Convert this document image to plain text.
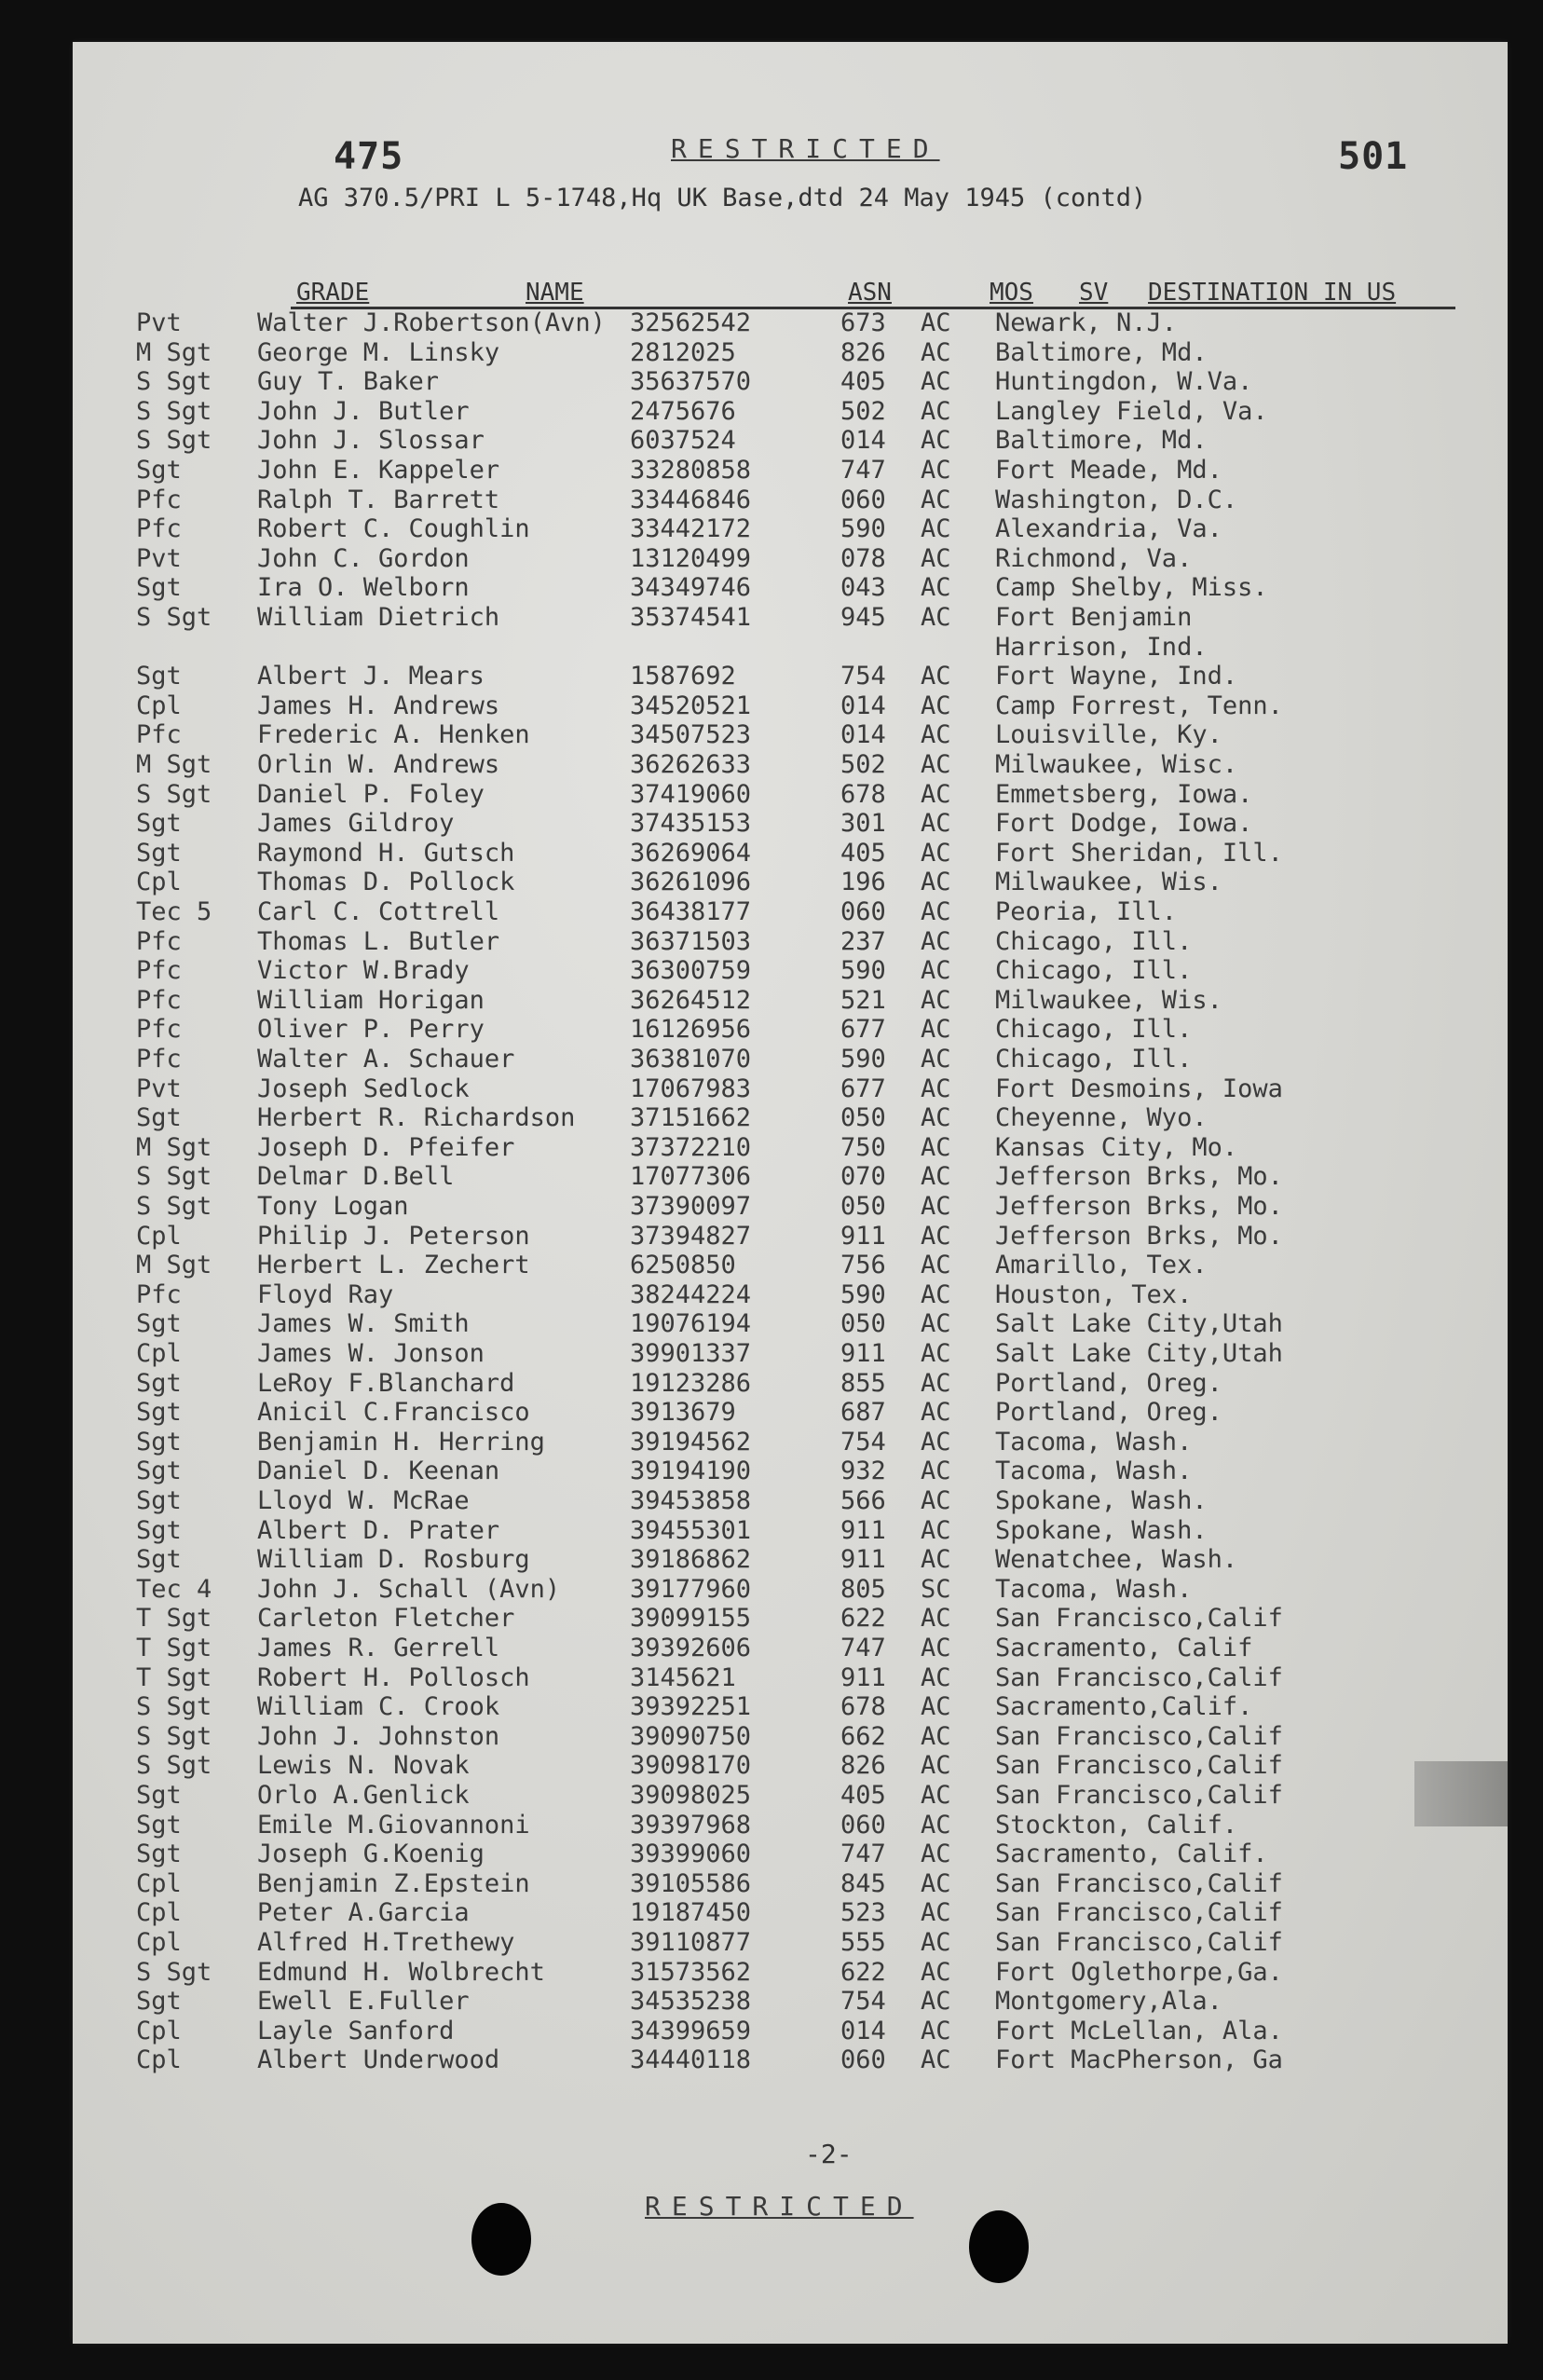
475	RESTRICTED	501
AG 370.5/PRI L 5-1748,Hq UK Base,dtd 24 May 1945 (contd)
GRADE	NAME	ASN	MOS SV DESTINATION IN US
Pvt	Walter J.Robertson(Avn) 32562542	673 AC Newark, N.J.
M Sgt George M. Linsky	2812025	826 AC Baltimore, Md.
S Sgt Guy T. Baker	35637570	405 AC Huntingdon, W.Va.
S Sgt John J. Butler	2475676	502 AC Langley Field, Va.
S Sgt John J. Slossar	6037524	014 AC Baltimore, Md.
Sgt	John E. Kappeler	33280858	747 AC Fort Meade, Md.
Pfc	Ralph T. Barrett	33446846	060 AC Washington, D.C.
Pfc	Robert C. Coughlin	33442172	590 AC Alexandria, Va.
Pvt	John C. Gordon	13120499	078 AC Richmond, Va.
Sgt	Ira O. Welborn	34349746	043 AC Camp Shelby, Miss.
S Sgt William Dietrich	35374541	945 AC Fort Benjamin
Harrison, Ind.
Sgt	Albert J. Mears	1587692	754 AC Fort Wayne, Ind.
Cpl	James H. Andrews	34520521	014 AC Camp Forrest, Tenn.
Pfc	Frederic A. Henken	34507523	014 AC Louisville, Ky.
M Sgt Orlin W. Andrews	36262633	502 AC Milwaukee, Wisc.
S Sgt Daniel P. Foley	37419060	678 AC Emmetsberg, Iowa.
Sgt	James Gildroy	37435153	301 AC Fort Dodge, Iowa.
Sgt	Raymond H. Gutsch	36269064	405 AC Fort Sheridan, Ill.
Cpl	Thomas D. Pollock	36261096	196 AC Milwaukee, Wis.
Tec 5 Carl C. Cottrell	36438177	060 AC Peoria, Ill.
Pfc	Thomas L. Butler	36371503	237 AC Chicago, Ill.
Pfc	Victor W.Brady	36300759	590 AC Chicago, Ill.
Pfc	William Horigan	36264512	521 AC Milwaukee, Wis.
Pfc	Oliver P. Perry	16126956	677 AC Chicago, Ill.
Pfc	Walter A. Schauer	36381070	590 AC Chicago, Ill.
Pvt	Joseph Sedlock	17067983	677 AC Fort Desmoins, Iowa
Sgt	Herbert R. Richardson 37151662	050 AC Cheyenne, Wyo.
M Sgt Joseph D. Pfeifer	37372210	750 AC Kansas City, Mo.
S Sgt Delmar D.Bell	17077306	070 AC Jefferson Brks, Mo.
S Sgt Tony Logan	37390097	050 AC Jefferson Brks, Mo.
Cpl	Philip J. Peterson	37394827	911 AC Jefferson Brks, Mo.
M Sgt Herbert L. Zechert	6250850	756 AC Amarillo, Tex.
Pfc	Floyd Ray	38244224	590 AC Houston, Tex.
Sgt	James W. Smith	19076194	050 AC Salt Lake City,Utah
Cpl	James W. Jonson	39901337	911 AC Salt Lake City,Utah
Sgt	LeRoy F.Blanchard	19123286	855 AC Portland, Oreg.
Sgt	Anicil C.Francisco	3913679	687 AC Portland, Oreg.
Sgt	Benjamin H. Herring	39194562	754 AC Tacoma, Wash.
Sgt	Daniel D. Keenan	39194190	932 AC Tacoma, Wash.
Sgt	Lloyd W. McRae	39453858	566 AC Spokane, Wash.
Sgt	Albert D. Prater	39455301	911 AC Spokane, Wash.
Sgt	William D. Rosburg	39186862	911 AC Wenatchee, Wash.
Tec 4 John J. Schall (Avn)	39177960	805 SC Tacoma, Wash.
T Sgt Carleton Fletcher	39099155	622 AC San Francisco,Calif
T Sgt James R. Gerrell	39392606	747 AC Sacramento, Calif
T Sgt Robert H. Pollosch	3145621	911 AC San Francisco,Calif
S Sgt William C. Crook	39392251	678 AC Sacramento,Calif.
S Sgt John J. Johnston	39090750	662 AC San Francisco,Calif
S Sgt Lewis N. Novak	39098170	826 AC San Francisco,Calif
Sgt	Orlo A.Genlick	39098025	405 AC San Francisco,Calif
Sgt	Emile M.Giovannoni	39397968	060 AC Stockton, Calif.
Sgt	Joseph G.Koenig	39399060	747 AC Sacramento, Calif.
Cpl	Benjamin Z.Epstein	39105586	845 AC San Francisco,Calif
Cpl	Peter A.Garcia	19187450	523 AC San Francisco,Calif
Cpl	Alfred H.Trethewy	39110877	555 AC San Francisco,Calif
S Sgt Edmund H. Wolbrecht	31573562	622 AC Fort Oglethorpe,Ga.
Sgt	Ewell E.Fuller	34535238	754 AC Montgomery,Ala.
Cpl	Layle Sanford	34399659	014 AC Fort McLellan, Ala.
Cpl	Albert Underwood	34440118	060 AC Fort MacPherson, Ga
-2-
RESTRICTED
